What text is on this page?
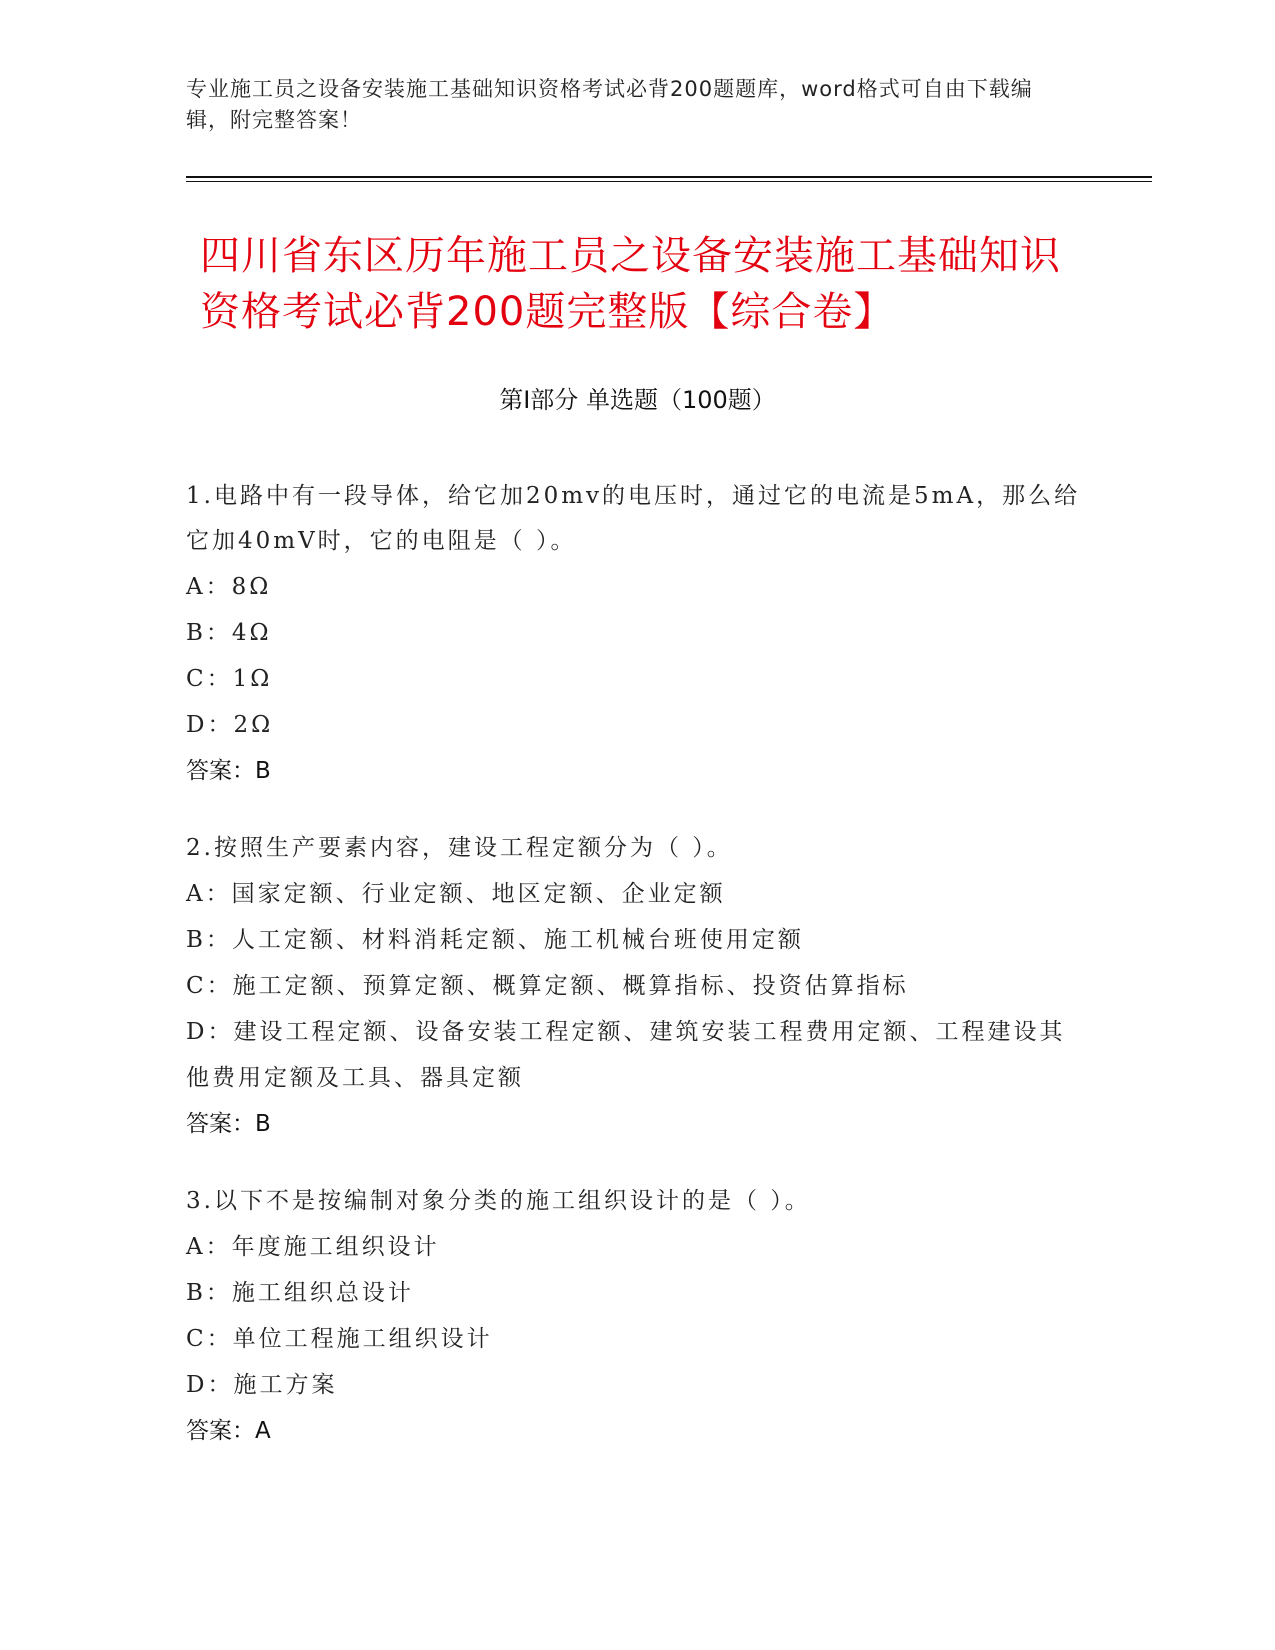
专业施工员之设备安装施工基础知识资格考试必背200题题库，word格式可自由下载编辑，附完整答案！
四川省东区历年施工员之设备安装施工基础知识资格考试必背200题完整版【综合卷】
第I部分 单选题（100题）
1.电路中有一段导体，给它加20mv的电压时，通过它的电流是5mA，那么给它加40mV时，它的电阻是（ ）。
A：8Ω
B：4Ω
C：1Ω
D：2Ω
答案：B
2.按照生产要素内容，建设工程定额分为（ ）。
A：国家定额、行业定额、地区定额、企业定额
B：人工定额、材料消耗定额、施工机械台班使用定额
C：施工定额、预算定额、概算定额、概算指标、投资估算指标
D：建设工程定额、设备安装工程定额、建筑安装工程费用定额、工程建设其他费用定额及工具、器具定额
答案：B
3.以下不是按编制对象分类的施工组织设计的是（ ）。
A：年度施工组织设计
B：施工组织总设计
C：单位工程施工组织设计
D：施工方案
答案：A
